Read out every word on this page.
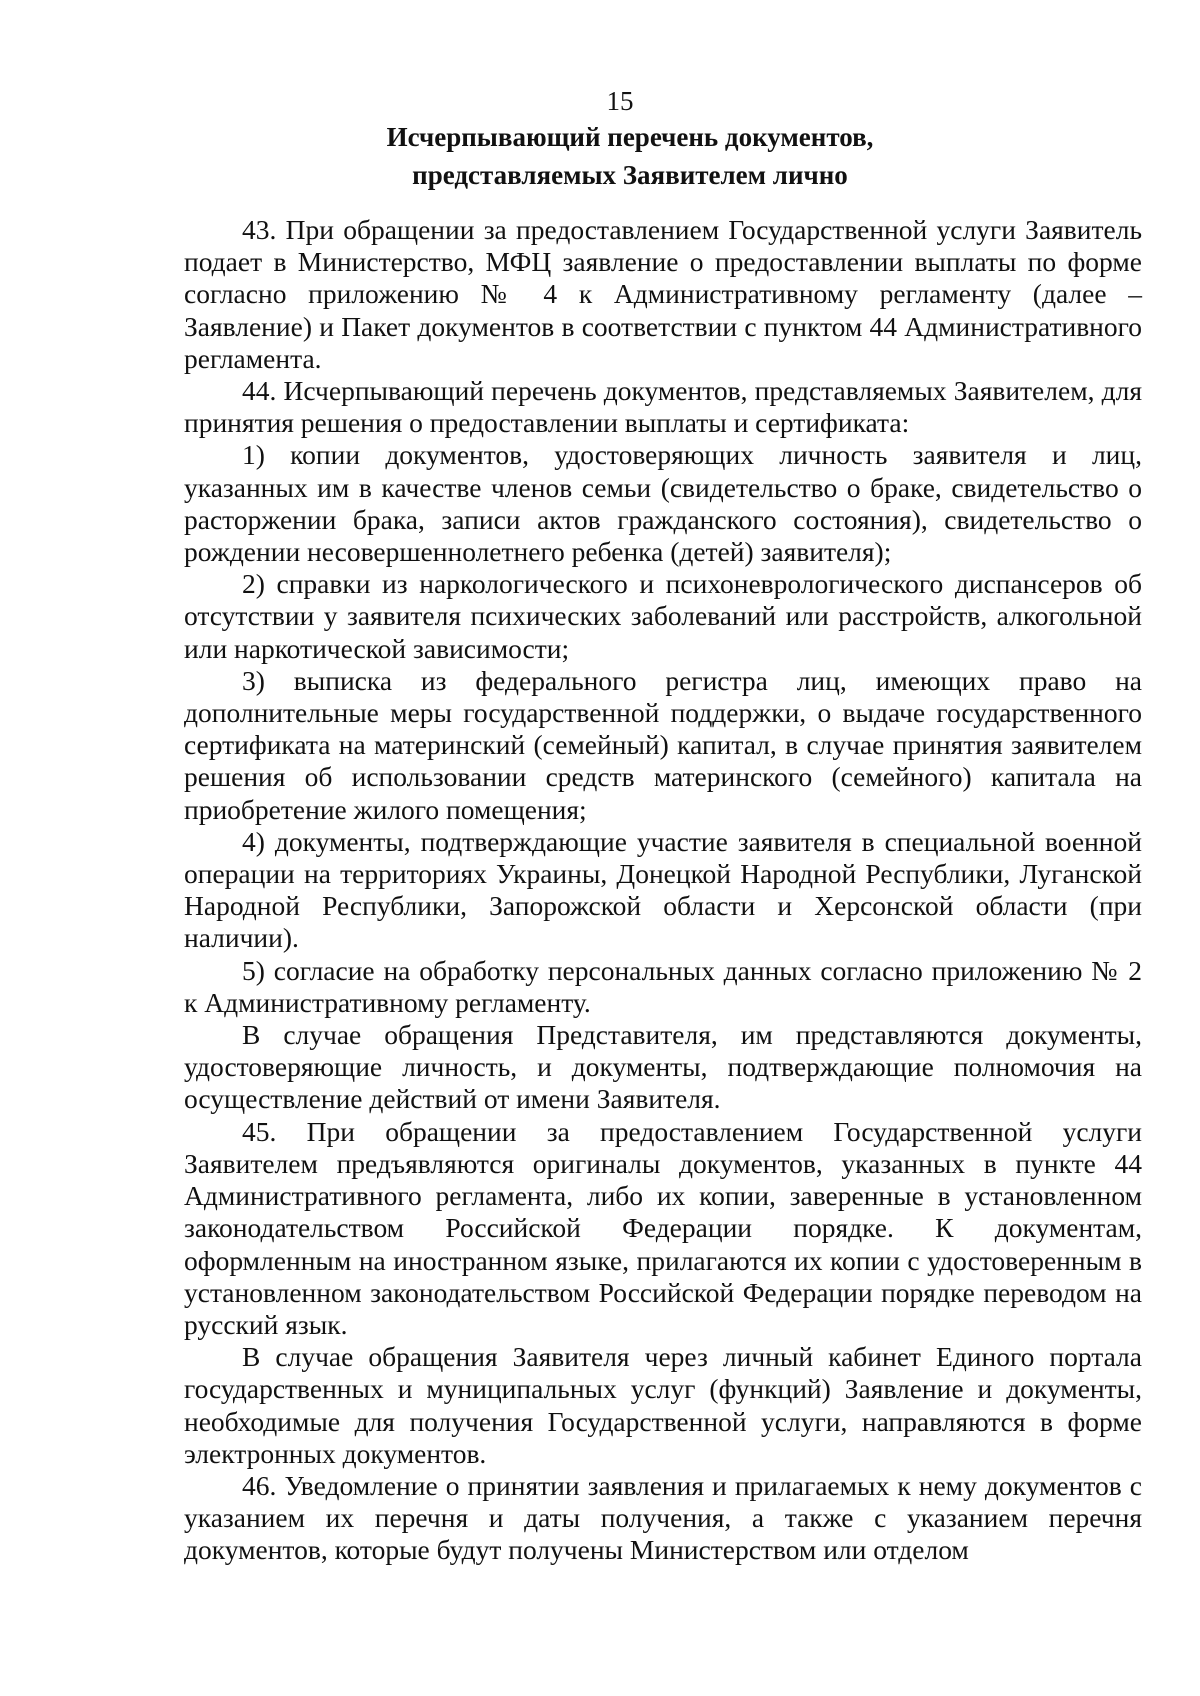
15
Исчерпывающий перечень документов,
представляемых Заявителем лично

43. При обращении за предоставлением Государственной услуги Заявитель подает в Министерство, МФЦ заявление о предоставлении выплаты по форме согласно приложению № 4 к Административному регламенту (далее – Заявление) и Пакет документов в соответствии с пунктом 44 Административного регламента.

44. Исчерпывающий перечень документов, представляемых Заявителем, для принятия решения о предоставлении выплаты и сертификата:

1) копии документов, удостоверяющих личность заявителя и лиц, указанных им в качестве членов семьи (свидетельство о браке, свидетельство о расторжении брака, записи актов гражданского состояния), свидетельство о рождении несовершеннолетнего ребенка (детей) заявителя);

2) справки из наркологического и психоневрологического диспансеров об отсутствии у заявителя психических заболеваний или расстройств, алкогольной или наркотической зависимости;

3) выписка из федерального регистра лиц, имеющих право на дополнительные меры государственной поддержки, о выдаче государственного сертификата на материнский (семейный) капитал, в случае принятия заявителем решения об использовании средств материнского (семейного) капитала на приобретение жилого помещения;

4) документы, подтверждающие участие заявителя в специальной военной операции на территориях Украины, Донецкой Народной Республики, Луганской Народной Республики, Запорожской области и Херсонской области (при наличии).

5) согласие на обработку персональных данных согласно приложению № 2 к Административному регламенту.

В случае обращения Представителя, им представляются документы, удостоверяющие личность, и документы, подтверждающие полномочия на осуществление действий от имени Заявителя.

45. При обращении за предоставлением Государственной услуги Заявителем предъявляются оригиналы документов, указанных в пункте 44 Административного регламента, либо их копии, заверенные в установленном законодательством Российской Федерации порядке. К документам, оформленным на иностранном языке, прилагаются их копии с удостоверенным в установленном законодательством Российской Федерации порядке переводом на русский язык.

В случае обращения Заявителя через личный кабинет Единого портала государственных и муниципальных услуг (функций) Заявление и документы, необходимые для получения Государственной услуги, направляются в форме электронных документов.

46. Уведомление о принятии заявления и прилагаемых к нему документов с указанием их перечня и даты получения, а также с указанием перечня документов, которые будут получены Министерством или отделом
